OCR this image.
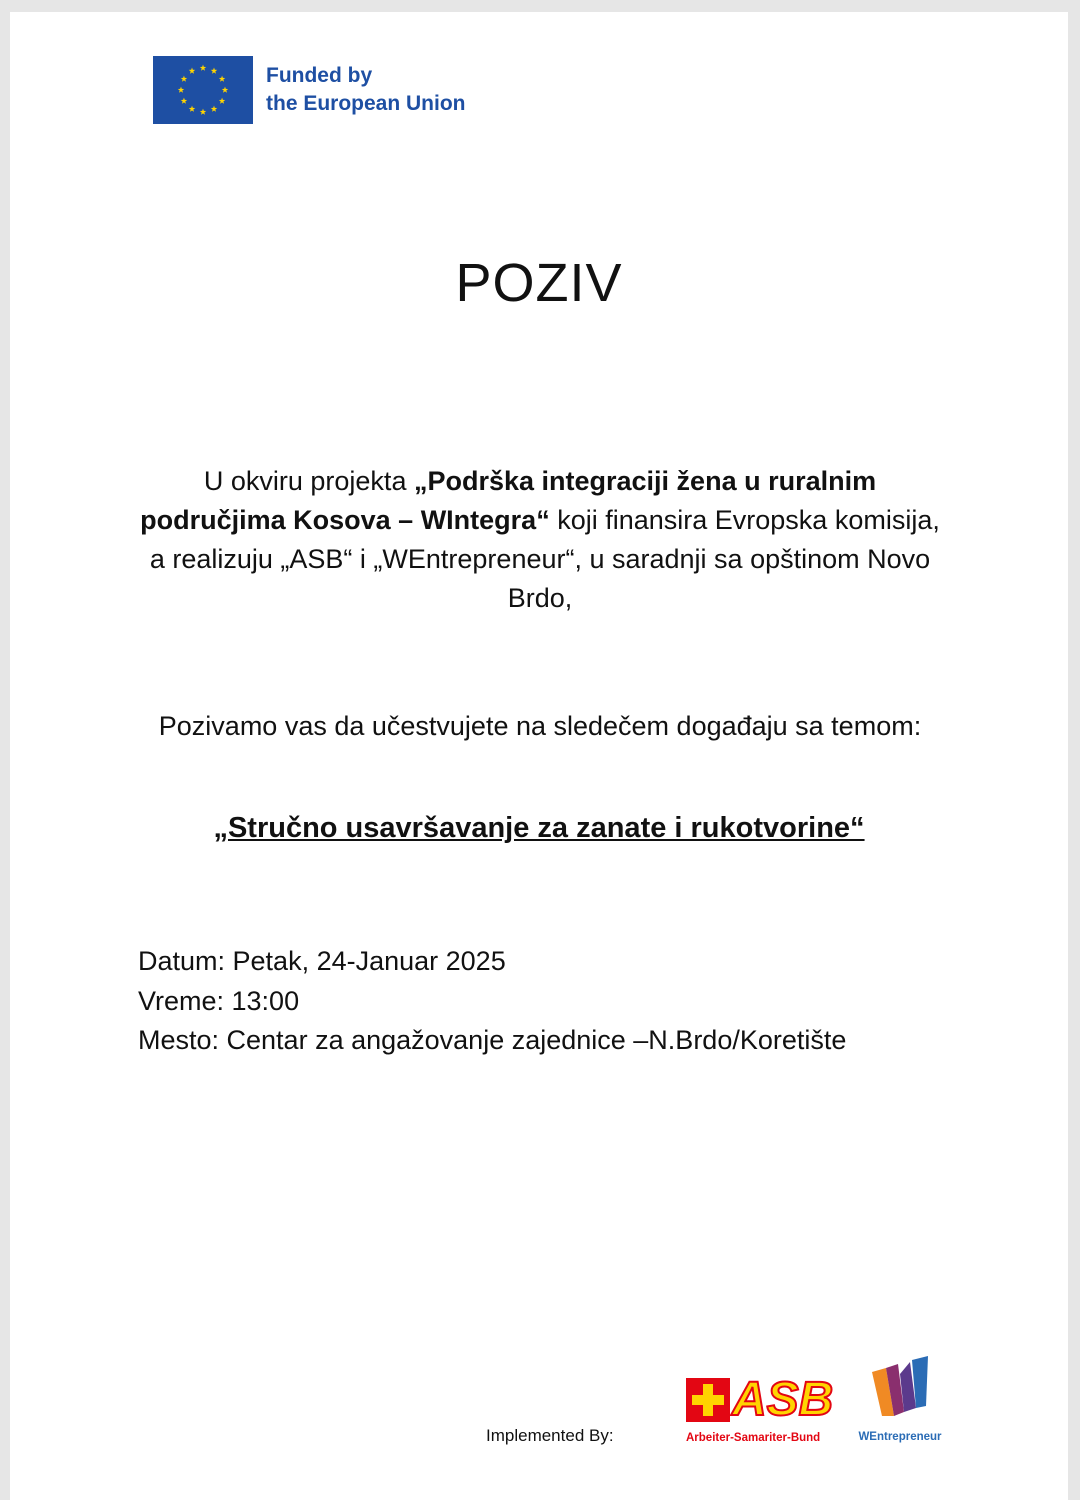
Funded by
the European Union
POZIV
U okviru projekta „Podrška integraciji žena u ruralnim područjima Kosova – WIntegra“ koji finansira Evropska komisija, a realizuju „ASB“ i „WEntrepreneur“, u saradnji sa opštinom Novo Brdo,
Pozivamo vas da učestvujete na sledečem događaju sa temom:
„Stručno usavršavanje za zanate i rukotvorine“
Datum: Petak, 24-Januar 2025
Vreme: 13:00
Mesto: Centar za angažovanje zajednice –N.Brdo/Koretište
Implemented By:
ASB
Arbeiter-Samariter-Bund	WEntrepreneur
